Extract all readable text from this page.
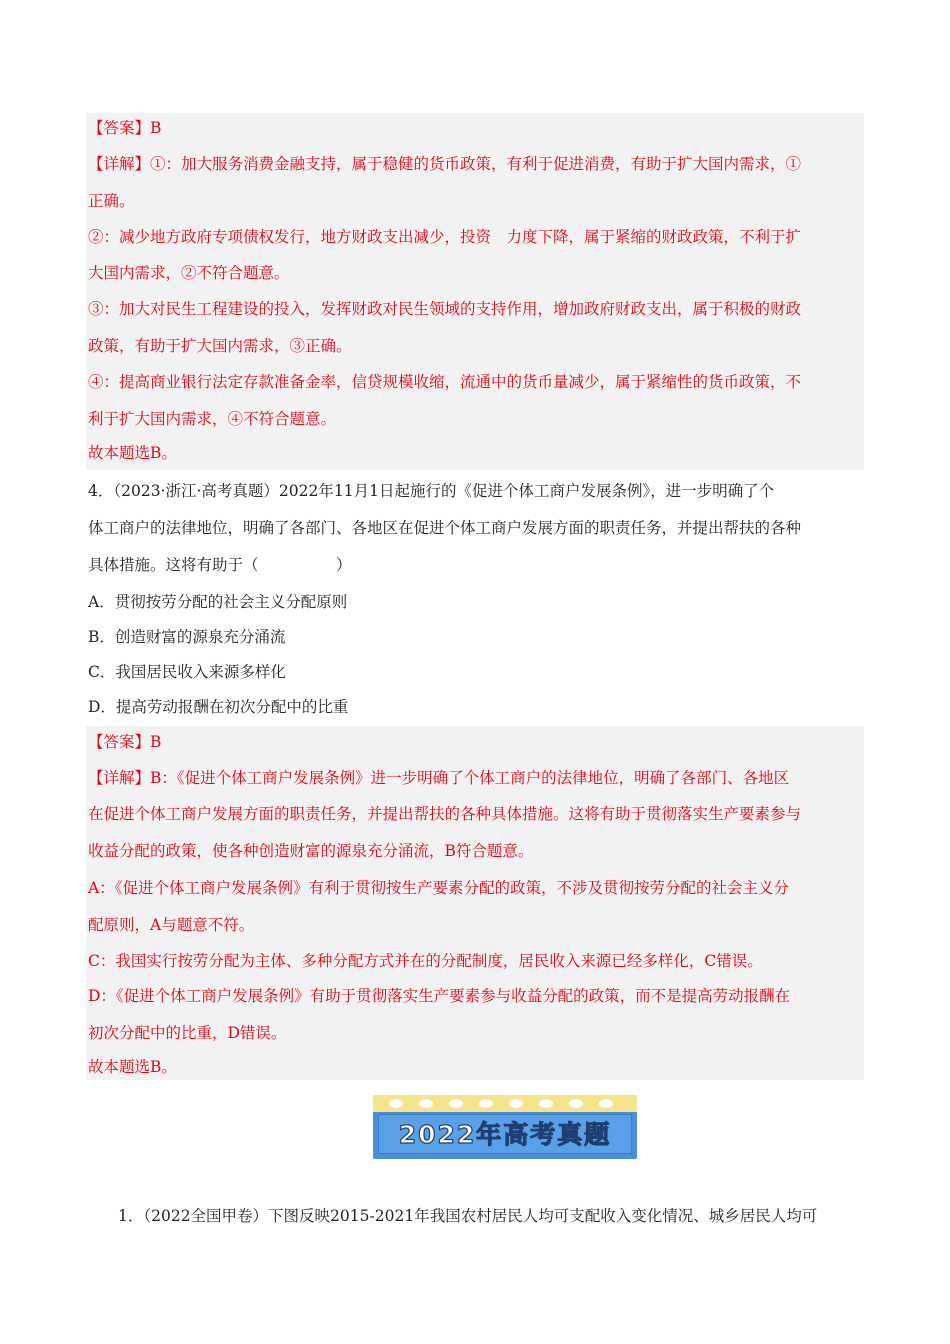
【答案】B
【详解】①：加大服务消费金融支持，属于稳健的货币政策，有利于促进消费，有助于扩大国内需求，①
正确。
②：减少地方政府专项债权发行，地方财政支出减少，投资　力度下降，属于紧缩的财政政策，不利于扩
大国内需求，②不符合题意。
③：加大对民生工程建设的投入，发挥财政对民生领域的支持作用，增加政府财政支出，属于积极的财政
政策，有助于扩大国内需求，③正确。
④：提高商业银行法定存款准备金率，信贷规模收缩，流通中的货币量减少，属于紧缩性的货币政策，不
利于扩大国内需求，④不符合题意。
故本题选B。
4．（2023·浙江·高考真题）2022年11月1日起施行的《促进个体工商户发展条例》，进一步明确了个
体工商户的法律地位，明确了各部门、各地区在促进个体工商户发展方面的职责任务，并提出帮扶的各种
具体措施。这将有助于（　　　　　）
A．贯彻按劳分配的社会主义分配原则
B．创造财富的源泉充分涌流
C．我国居民收入来源多样化
D．提高劳动报酬在初次分配中的比重
【答案】B
【详解】B：《促进个体工商户发展条例》进一步明确了个体工商户的法律地位，明确了各部门、各地区
在促进个体工商户发展方面的职责任务，并提出帮扶的各种具体措施。这将有助于贯彻落实生产要素参与
收益分配的政策，使各种创造财富的源泉充分涌流，B符合题意。
A：《促进个体工商户发展条例》有利于贯彻按生产要素分配的政策，不涉及贯彻按劳分配的社会主义分
配原则，A与题意不符。
C：我国实行按劳分配为主体、多种分配方式并在的分配制度，居民收入来源已经多样化，C错误。
D：《促进个体工商户发展条例》有助于贯彻落实生产要素参与收益分配的政策，而不是提高劳动报酬在
初次分配中的比重，D错误。
故本题选B。
2022年高考真题
1．（2022全国甲卷）下图反映2015-2021年我国农村居民人均可支配收入变化情况、城乡居民人均可
